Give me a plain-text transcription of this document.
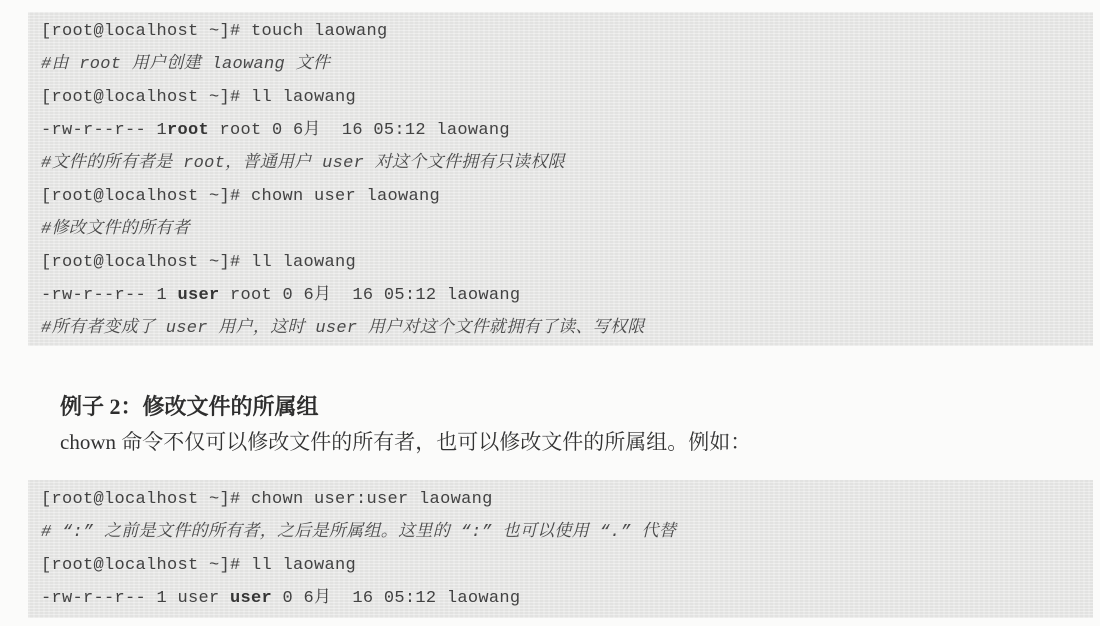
[root@localhost ~]# touch laowang
#由 root 用户创建 laowang 文件
[root@localhost ~]# ll laowang
-rw-r--r-- 1root root 0 6月  16 05:12 laowang
#文件的所有者是 root，普通用户 user 对这个文件拥有只读权限
[root@localhost ~]# chown user laowang
#修改文件的所有者
[root@localhost ~]# ll laowang
-rw-r--r-- 1 user root 0 6月  16 05:12 laowang
#所有者变成了 user 用户，这时 user 用户对这个文件就拥有了读、写权限
例子 2：修改文件的所属组

chown 命令不仅可以修改文件的所有者，也可以修改文件的所属组。例如：

[root@localhost ~]# chown user:user laowang
# “:” 之前是文件的所有者，之后是所属组。这里的 “:” 也可以使用 “.” 代替
[root@localhost ~]# ll laowang
-rw-r--r-- 1 user user 0 6月  16 05:12 laowang
